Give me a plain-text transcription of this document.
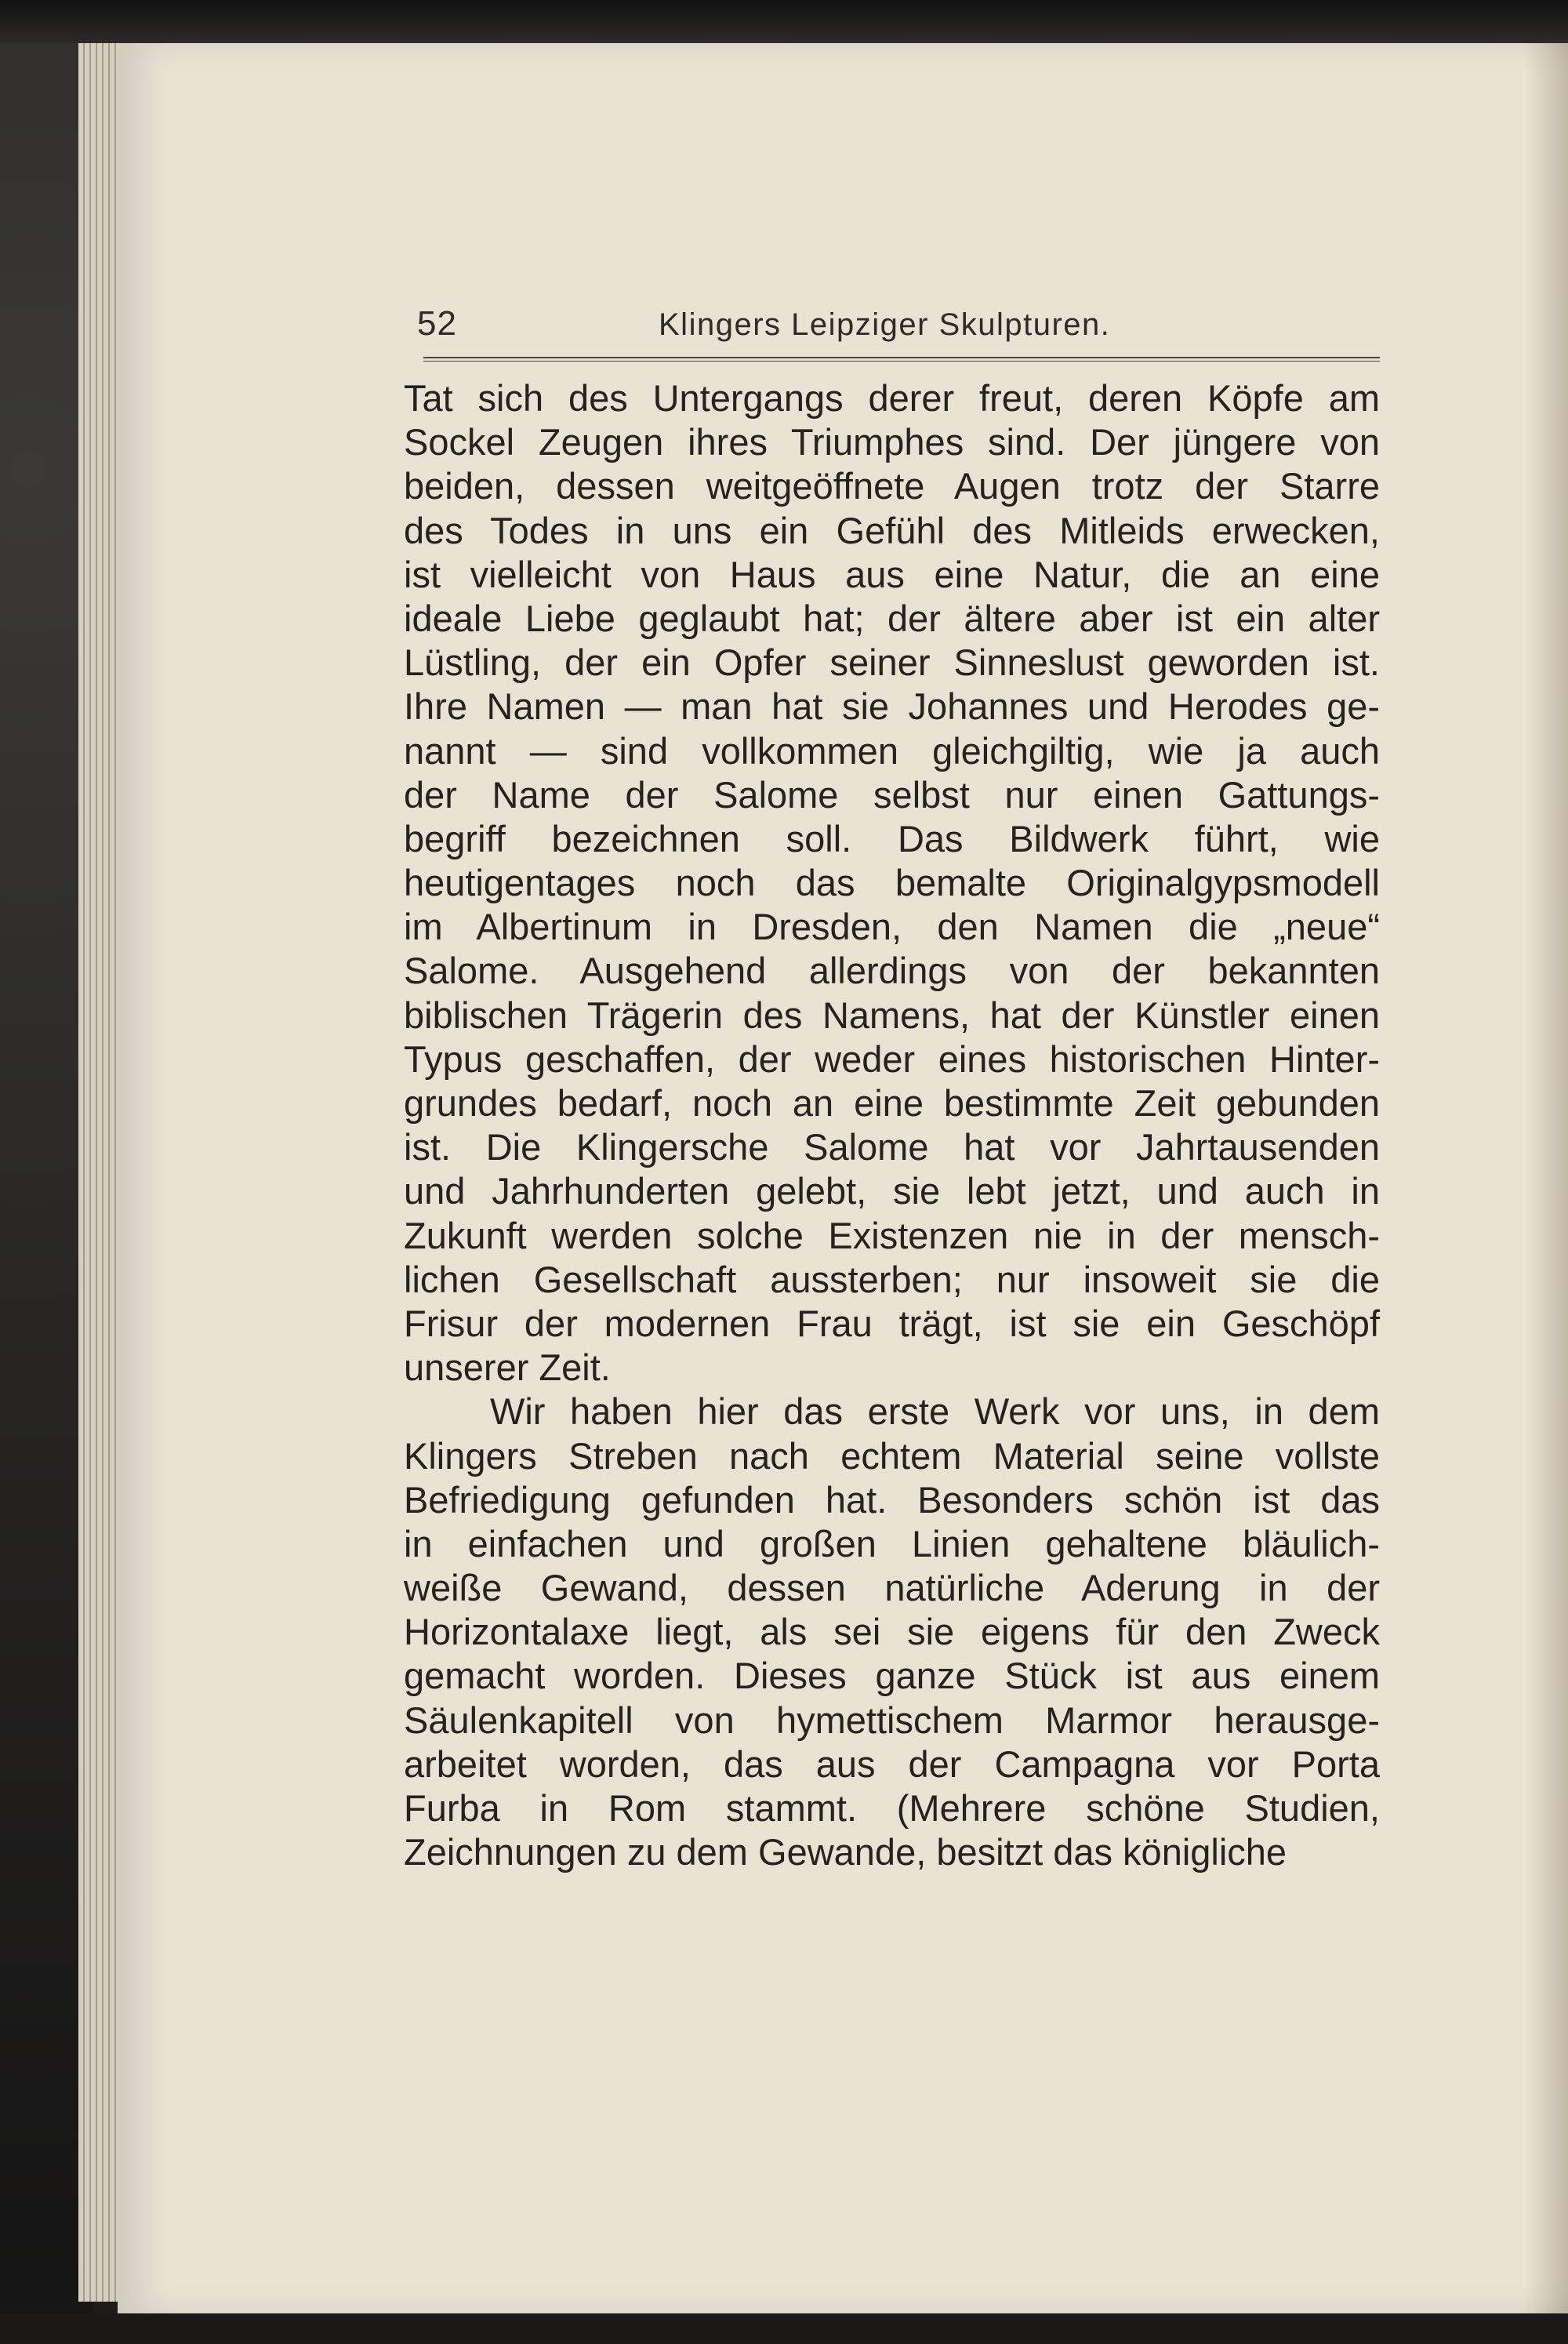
52	Klingers Leipziger Skulpturen.
Tat sich des Untergangs derer freut, deren Köpfe am
Sockel Zeugen ihres Triumphes sind. Der jüngere von
beiden, dessen weitgeöffnete Augen trotz der Starre
des Todes in uns ein Gefühl des Mitleids erwecken,
ist vielleicht von Haus aus eine Natur, die an eine
ideale Liebe geglaubt hat; der ältere aber ist ein alter
Lüstling, der ein Opfer seiner Sinneslust geworden ist.
Ihre Namen — man hat sie Johannes und Herodes ge-
nannt — sind vollkommen gleichgiltig, wie ja auch
der Name der Salome selbst nur einen Gattungs-
begriff bezeichnen soll. Das Bildwerk führt, wie
heutigentages noch das bemalte Originalgypsmodell
im Albertinum in Dresden, den Namen die „neue“
Salome. Ausgehend allerdings von der bekannten
biblischen Trägerin des Namens, hat der Künstler einen
Typus geschaffen, der weder eines historischen Hinter-
grundes bedarf, noch an eine bestimmte Zeit gebunden
ist. Die Klingersche Salome hat vor Jahrtausenden
und Jahrhunderten gelebt, sie lebt jetzt, und auch in
Zukunft werden solche Existenzen nie in der mensch-
lichen Gesellschaft aussterben; nur insoweit sie die
Frisur der modernen Frau trägt, ist sie ein Geschöpf
unserer Zeit.
Wir haben hier das erste Werk vor uns, in dem
Klingers Streben nach echtem Material seine vollste
Befriedigung gefunden hat. Besonders schön ist das
in einfachen und großen Linien gehaltene bläulich-
weiße Gewand, dessen natürliche Aderung in der
Horizontalaxe liegt, als sei sie eigens für den Zweck
gemacht worden. Dieses ganze Stück ist aus einem
Säulenkapitell von hymettischem Marmor herausge-
arbeitet worden, das aus der Campagna vor Porta
Furba in Rom stammt. (Mehrere schöne Studien,
Zeichnungen zu dem Gewande, besitzt das königliche
